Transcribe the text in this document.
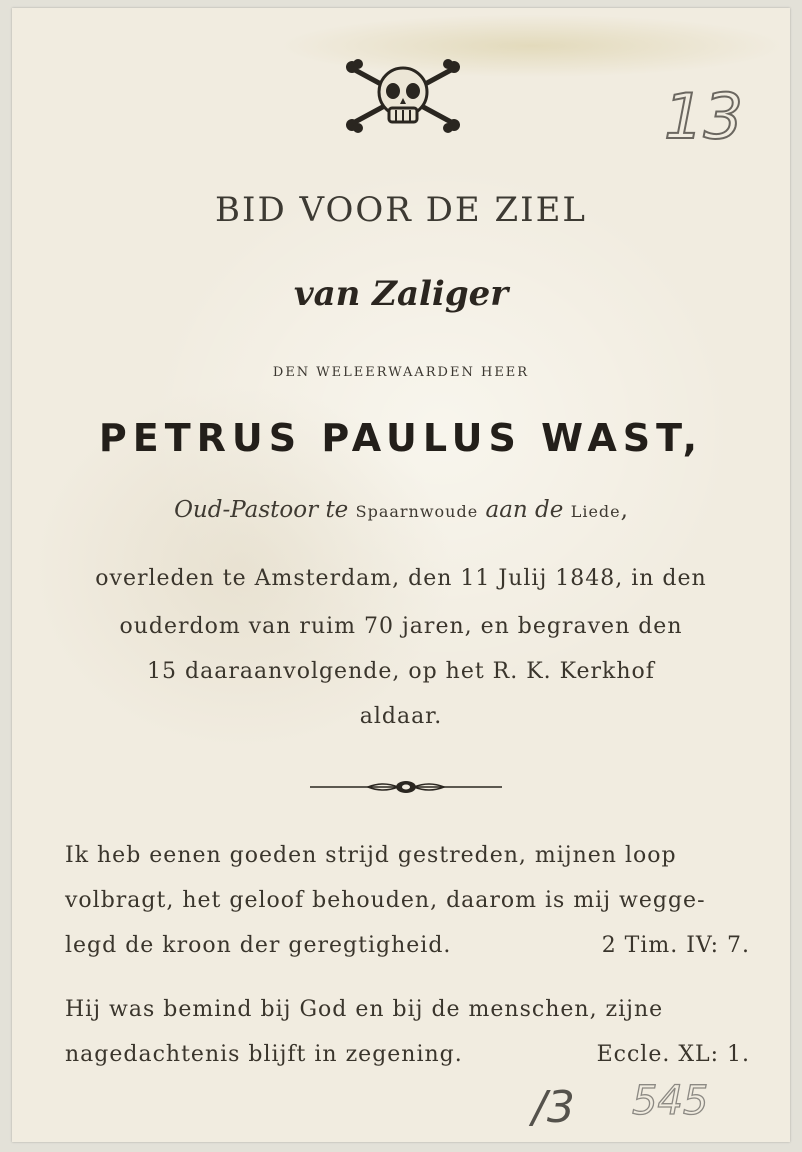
13
BID VOOR DE ZIEL
van Zaliger
DEN WELEERWAARDEN HEER
PETRUS PAULUS WAST,
Oud-Pastoor te Spaarnwoude aan de Liede,
overleden te Amsterdam, den 11 Julij 1848, in den
ouderdom van ruim 70 jaren, en begraven den
15 daaraanvolgende, op het R. K. Kerkhof
aldaar.
Ik heb eenen goeden strijd gestreden, mijnen loop
volbragt, het geloof behouden, daarom is mij wegge-
legd de kroon der geregtigheid.	2 Tim. IV: 7.
Hij was bemind bij God en bij de menschen, zijne
nagedachtenis blijft in zegening.	Eccle. XL: 1.
/3 545
